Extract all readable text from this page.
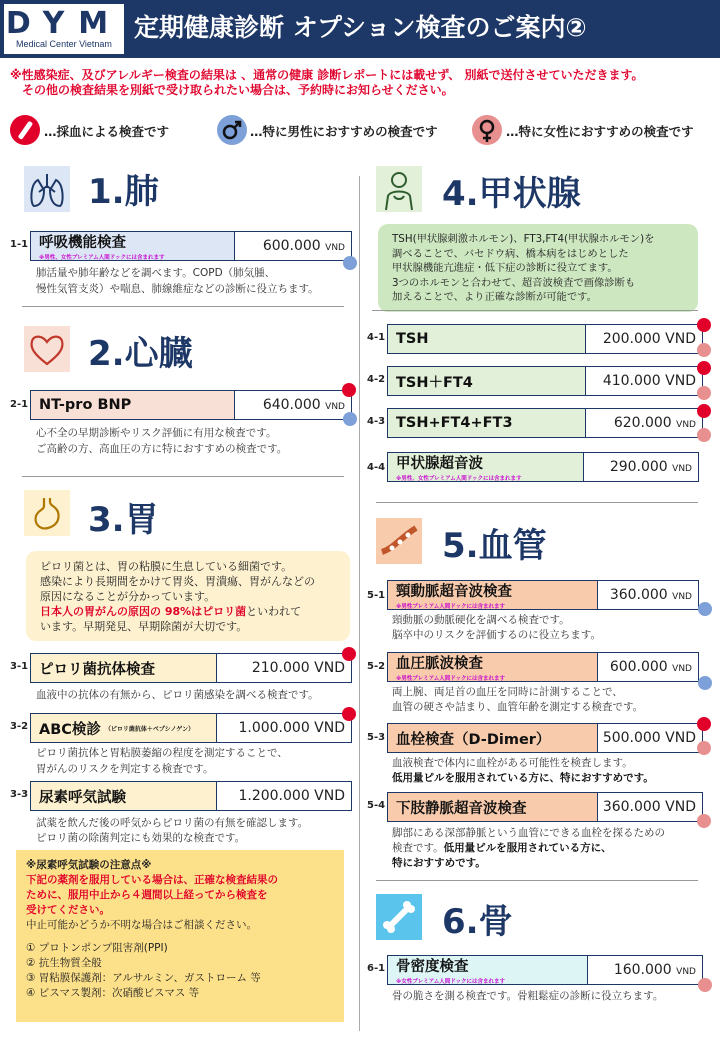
DYM
Medical Center Vietnam
定期健康診断 オプション検査のご案内②
※性感染症、及びアレルギー検査の結果は 、通常の健康 診断レポートには載せず、 別紙で送付させていただきます。
その他の検査結果を別紙で受け取られたい場合は、予約時にお知らせください。
…採血による検査です	…特に男性におすすめの検査です	…特に女性におすすめの検査です
1.肺
1-1 呼吸機能検査
※男性、女性プレミアム人間ドックには含まれます
600.000 VND
肺活量や肺年齢などを調べます。COPD（肺気腫、
慢性気管支炎）や喘息、肺線維症などの診断に役立ちます。
2.心臓
2-1 NT-pro BNP	640.000 VND
心不全の早期診断やリスク評価に有用な検査です。
ご高齢の方、高血圧の方に特におすすめの検査です。
3.胃
ピロリ菌とは、胃の粘膜に生息している細菌です。
感染により長期間をかけて胃炎、胃潰瘍、胃がんなどの
原因になることが分かっています。
日本人の胃がんの原因の 98%はピロリ菌といわれて
います。早期発見、早期除菌が大切です。
3-1 ピロリ菌抗体検査	210.000 VND
血液中の抗体の有無から、ピロリ菌感染を調べる検査です。
3-2 ABC検診 （ピロリ菌抗体＋ペプシノゲン）	1.000.000 VND
ピロリ菌抗体と胃粘膜萎縮の程度を測定することで、
胃がんのリスクを判定する検査です。
3-3 尿素呼気試験	1.200.000 VND
試薬を飲んだ後の呼気からピロリ菌の有無を確認します。
ピロリ菌の除菌判定にも効果的な検査です。
※尿素呼気試験の注意点※
下記の薬剤を服用している場合は、正確な検査結果の
ために、服用中止から４週間以上経ってから検査を
受けてください。
中止可能かどうか不明な場合はご相談ください。
① プロトンポンプ阻害剤(PPI)
② 抗生物質全般
③ 胃粘膜保護剤：アルサルミン、ガストローム 等
④ ビスマス製剤：次硝酸ビスマス 等
4.甲状腺
TSH(甲状腺刺激ホルモン)、FT3,FT4(甲状腺ホルモン)を
調べることで、バセドウ病、橋本病をはじめとした
甲状腺機能亢進症・低下症の診断に役立てます。
3つのホルモンと合わせて、超音波検査で画像診断も
加えることで、より正確な診断が可能です。
4-1 TSH	200.000 VND
4-2 TSH＋FT4	410.000 VND
4-3 TSH+FT4+FT3	620.000 VND
4-4 甲状腺超音波
※男性、女性プレミアム人間ドックには含まれます
290.000 VND
5.血管
5-1 頸動脈超音波検査
※男性プレミアム人間ドックには含まれます
360.000 VND
頸動脈の動脈硬化を調べる検査です。
脳卒中のリスクを評価するのに役立ちます。
5-2 血圧脈波検査
※男性プレミアム人間ドックには含まれます
600.000 VND
両上腕、両足首の血圧を同時に計測することで、
血管の硬さや詰まり、血管年齢を測定する検査です。
5-3 血栓検査（D-Dimer）	500.000 VND
血液検査で体内に血栓がある可能性を検査します。
低用量ピルを服用されている方に、特におすすめです。
5-4 下肢静脈超音波検査	360.000 VND
脚部にある深部静脈という血管にできる血栓を探るための
検査です。低用量ピルを服用されている方に、
特におすすめです。
6.骨
6-1 骨密度検査
※女性プレミアム人間ドックには含まれます
160.000 VND
骨の脆さを測る検査です。骨粗鬆症の診断に役立ちます。
